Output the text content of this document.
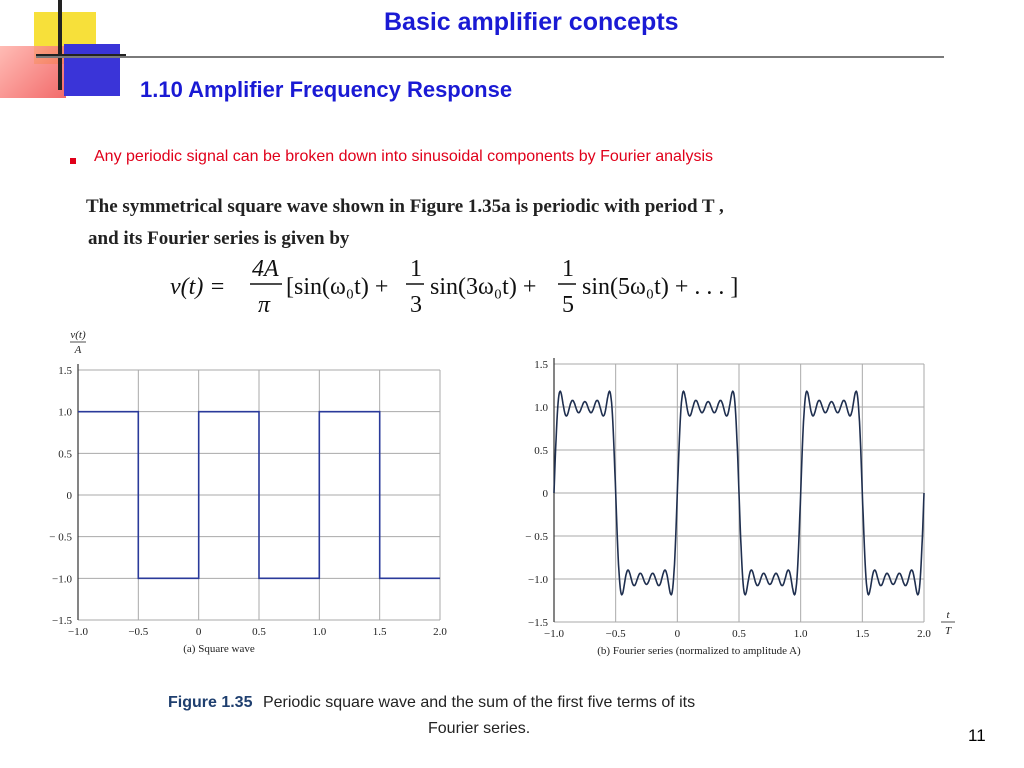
Basic amplifier concepts
1.10 Amplifier Frequency Response
Any periodic signal can be broken down into sinusoidal components by Fourier analysis
The symmetrical square wave shown in Figure 1.35a is periodic with period T ,
and its Fourier series is given by
v(t) =
4A
π
[sin(ω₀t) +
1
3
sin(3ω₀t) +
1
5
sin(5ω₀t) + . . . ]
−1.0	−0.5	0	0.5	1.0	1.5	2.0
1.5
1.0
0.5
0
− 0.5
−1.0
−1.5
(a) Square wave
v(t)
A
−1.0	−0.5	0	0.5	1.0	1.5	2.0
1.5
1.0
0.5
0
− 0.5
−1.0
−1.5
(b) Fourier series (normalized to amplitude A)
t
T
Figure 1.35 Periodic square wave and the sum of the first five terms of its
Fourier series.	11
